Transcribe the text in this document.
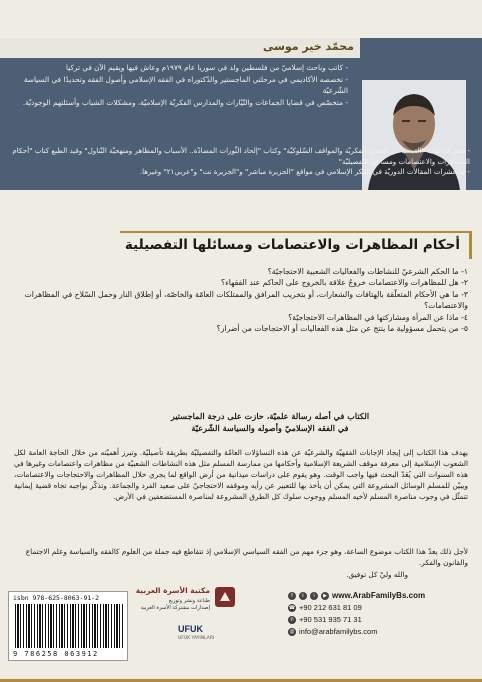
محمّد خير موسى

- كاتب وباحث إسلاميّ من فلسطين ولد في سوريا عام ١٩٧٩م وعاش فيها ويقيم الآن في تركيا

- تخصصه الأكاديمي في مرحلتي الماجستير والدّكتوراه في الفقه الإسلامي وأصول الفقه وتحديدًا في السياسة الشّرعيّة

- متخصّص في قضايا الجماعات والتّيّارات والمدارس الفكريّة الإسلاميّة، ومشكلات الشباب وأسئلتهم الوجوديّة.

- صدر له كتاب "القيسيات.. الجذور الفكريّة والمواقف السّلوكيّة" وكتاب "إلحاد الثّورات المضادّة.. الأسباب والمظاهر ومنهجيّة التّناول" وقيد الطبع كتاب "أحكام المظاهرات والاعتصامات ومسائلها التّفصيليّة"

- له عشرات المقالات الدوريّة في الفكر الإسلامي في مواقع "الجزيرة مباشر" و"الجزيرة نت" و"عربي٢١" وغيرها.

أحكام المظاهرات والاعتصامات ومسائلها التفصيلية

١- ما الحكم الشرعيّ للنشاطات والفعاليات الشعبية الاحتجاجيّة؟

٢- هل للمظاهرات والاعتصامات خروجٌ علاقة بالخروج على الحاكم عند الفقهاء؟

٣- ما هي الأحكام المتعلّقة بالهتافات والشعارات، أو بتخريب المرافق والممتلكات العامّة والخاصّة، أو إطلاق النار وحمل السّلاح في المظاهرات والاعتصامات؟

٤- ماذا عن المرأة ومشاركتها في المظاهرات الاحتجاجيّة؟

٥- من يتحمل مسؤولية ما ينتج عن مثل هذه الفعاليات أو الاحتجاجات من أضرار؟

الكتاب في أصله رسالة علميّة، حازت على درجة الماجستير

في الفقه الإسلاميّ وأصوله والسياسة الشّرعيّة

يهدف هذا الكتاب إلى إيجاد الإجابات الفقهيّة والشرعيّة عن هذه التساؤلات العامّة والتفصيليّة بطريقة تأصيليّة. وتبرز أهميّته من خلال الحاجة العامة لكل الشعوب الإسلامية إلى معرفة موقف الشريعة الإسلامية وأحكامها من ممارسة المسلم مثل هذه النشاطات الشعبيّة من مظاهرات واعتصامات وغيرها في هذه السنوات التي يُعَدّ البحث فيها واجب الوقت. وهو يقوم على دراسات ميدانية من أرض الواقع لما يجري خلال المظاهرات والاحتجاجات والاعتصامات، ويبيّن للمسلم الوسائل المشروعة التي يمكن أن يأخذ بها للتعبير عن رأيه وموقفه الاحتجاجيّ على صعيد الفرد والجماعة. وتذكّر بواجبه تجاه قضية إيمانية تتمثّل في وجوب مناصرة المسلم لأخيه المسلم ووجوب سلوك كل الطرق المشروعة لمناصرة المستضعفين في الأرض.

لأجل ذلك يعدّ هذا الكتاب موضوع الساعة، وهو جزء مهم من الفقه السياسي الإسلامي إذ تتقاطع فيه جملة من العلوم كالفقه والسياسة وعلم الاجتماع والقانون والفكر.

والله وليّ كل توفيق.

isbn 978-625-8063-91-2
9 786258 063912
مكتبة الأسرة العربية
طباعة ونشر وتوزيع
إصدارات مشتركة الأسرة العربية
UFUK
UFUK YAYINLARI
f	t	i	▶ www.ArabFamilyBs.com
☎ +90 212 631 81 09
✆ +90 531 935 71 31
@ info@arabfamilybs.com
